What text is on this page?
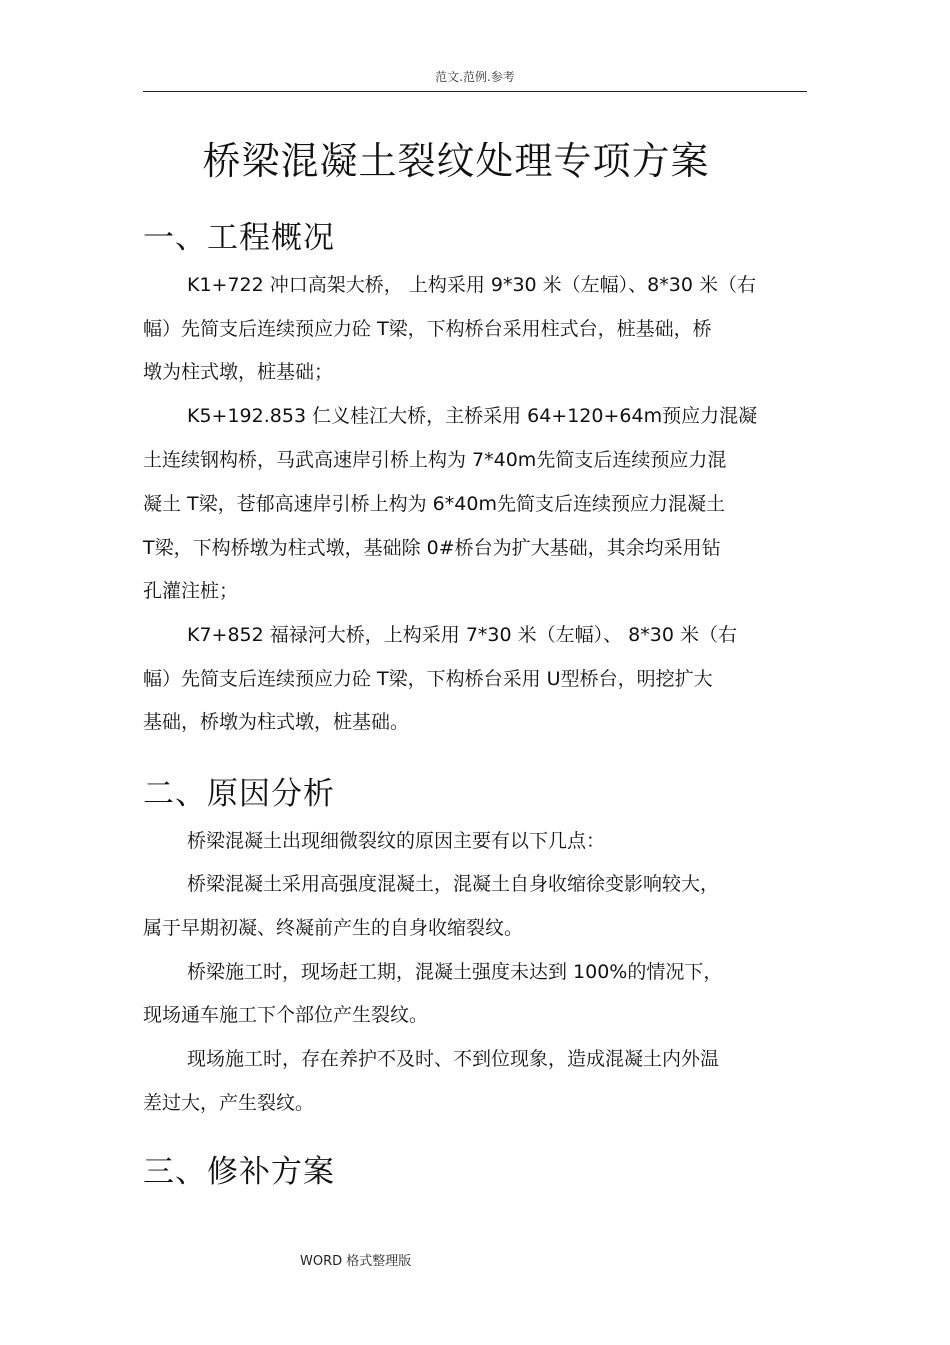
范文.范例.参考
桥梁混凝土裂纹处理专项方案
一、工程概况
K1+722 冲口高架大桥， 上构采用 9*30 米（左幅）、8*30 米（右
幅）先简支后连续预应力砼 T梁，下构桥台采用柱式台，桩基础，桥
墩为柱式墩，桩基础；
K5+192.853 仁义桂江大桥，主桥采用 64+120+64m预应力混凝
土连续钢构桥，马武高速岸引桥上构为 7*40m先简支后连续预应力混
凝土 T梁，苍郁高速岸引桥上构为 6*40m先简支后连续预应力混凝土
T梁，下构桥墩为柱式墩，基础除 0#桥台为扩大基础，其余均采用钻
孔灌注桩；
K7+852 福禄河大桥，上构采用 7*30 米（左幅）、 8*30 米（右
幅）先简支后连续预应力砼 T梁，下构桥台采用 U型桥台，明挖扩大
基础，桥墩为柱式墩，桩基础。
二、原因分析
桥梁混凝土出现细微裂纹的原因主要有以下几点：
桥梁混凝土采用高强度混凝土，混凝土自身收缩徐变影响较大，
属于早期初凝、终凝前产生的自身收缩裂纹。
桥梁施工时，现场赶工期，混凝土强度未达到 100%的情况下，
现场通车施工下个部位产生裂纹。
现场施工时，存在养护不及时、不到位现象，造成混凝土内外温
差过大，产生裂纹。
三、修补方案
WORD 格式整理版
